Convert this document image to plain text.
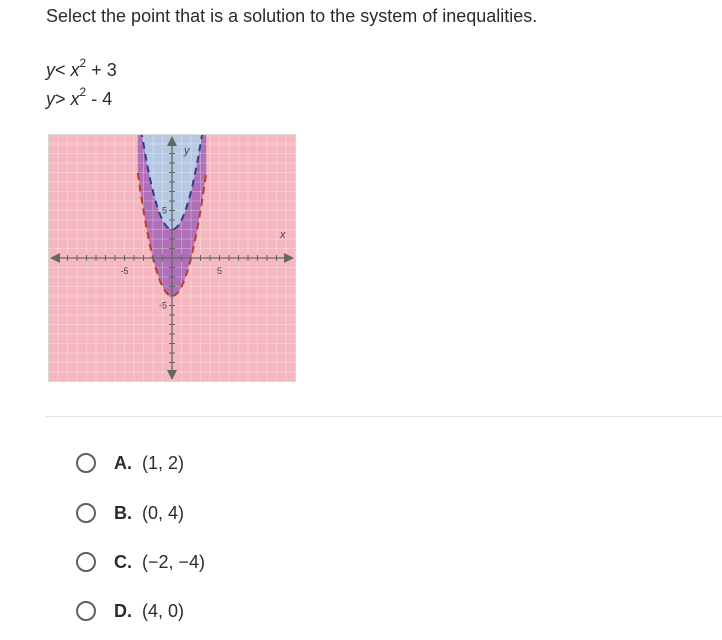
Select the point that is a solution to the system of inequalities.
$y< x^2 + 3$
$y> x^2 - 4$
x
y
-5	5
5
-5
A. (1, 2)
B. (0, 4)
C. (−2, −4)
D. (4, 0)
